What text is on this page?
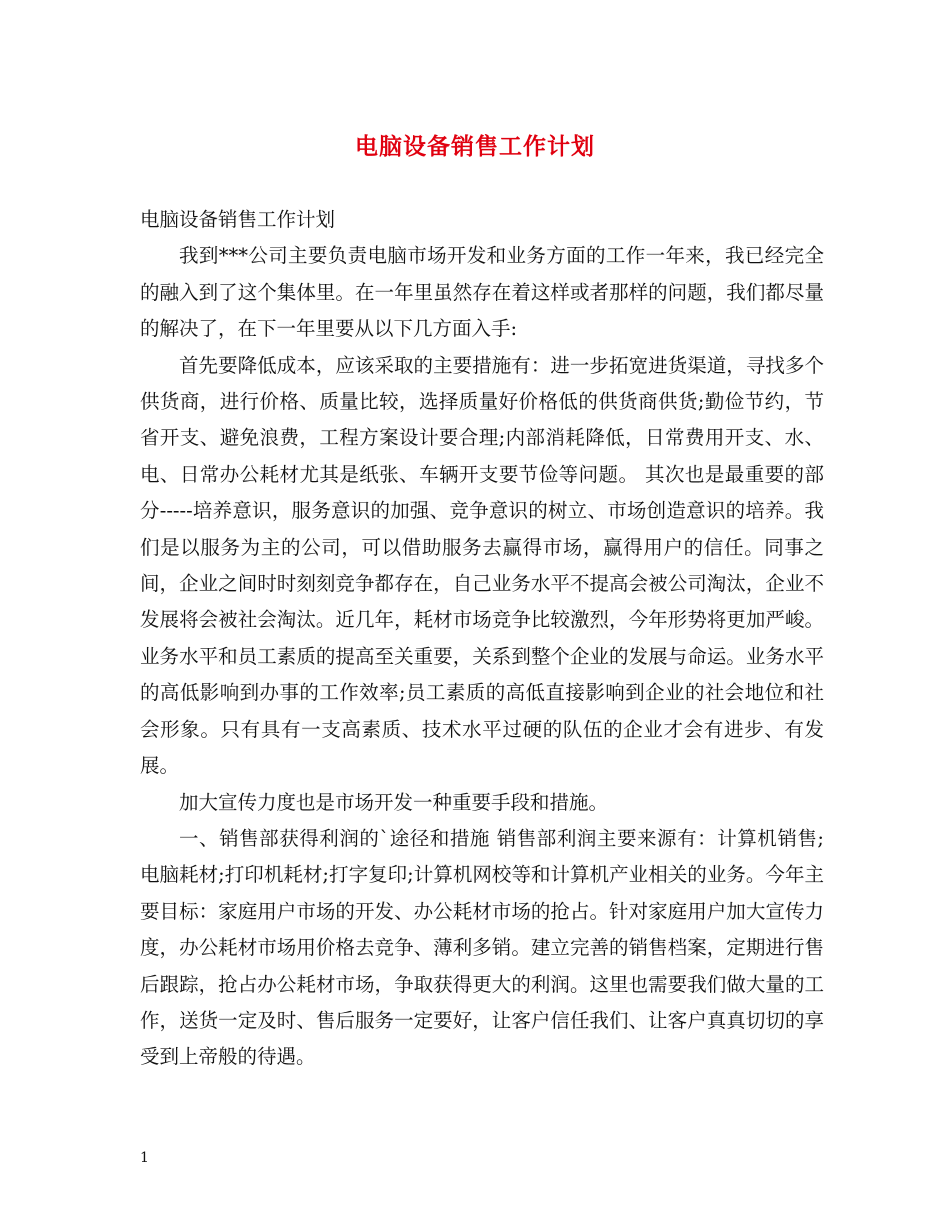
电脑设备销售工作计划

电脑设备销售工作计划

我到***公司主要负责电脑市场开发和业务方面的工作一年来，我已经完全的融入到了这个集体里。在一年里虽然存在着这样或者那样的问题，我们都尽量的解决了，在下一年里要从以下几方面入手:

首先要降低成本，应该采取的主要措施有：进一步拓宽进货渠道，寻找多个供货商，进行价格、质量比较，选择质量好价格低的供货商供货;勤俭节约，节省开支、避免浪费，工程方案设计要合理;内部消耗降低，日常费用开支、水、电、日常办公耗材尤其是纸张、车辆开支要节俭等问题。 其次也是最重要的部分-----培养意识，服务意识的加强、竞争意识的树立、市场创造意识的培养。我们是以服务为主的公司，可以借助服务去赢得市场，赢得用户的信任。同事之间，企业之间时时刻刻竞争都存在，自己业务水平不提高会被公司淘汰，企业不发展将会被社会淘汰。近几年，耗材市场竞争比较激烈，今年形势将更加严峻。业务水平和员工素质的提高至关重要，关系到整个企业的发展与命运。业务水平的高低影响到办事的工作效率;员工素质的高低直接影响到企业的社会地位和社会形象。只有具有一支高素质、技术水平过硬的队伍的企业才会有进步、有发展。

加大宣传力度也是市场开发一种重要手段和措施。

一、销售部获得利润的`途径和措施 销售部利润主要来源有：计算机销售;电脑耗材;打印机耗材;打字复印;计算机网校等和计算机产业相关的业务。今年主要目标：家庭用户市场的开发、办公耗材市场的抢占。针对家庭用户加大宣传力度，办公耗材市场用价格去竞争、薄利多销。建立完善的销售档案，定期进行售后跟踪，抢占办公耗材市场，争取获得更大的利润。这里也需要我们做大量的工作，送货一定及时、售后服务一定要好，让客户信任我们、让客户真真切切的享受到上帝般的待遇。

1
